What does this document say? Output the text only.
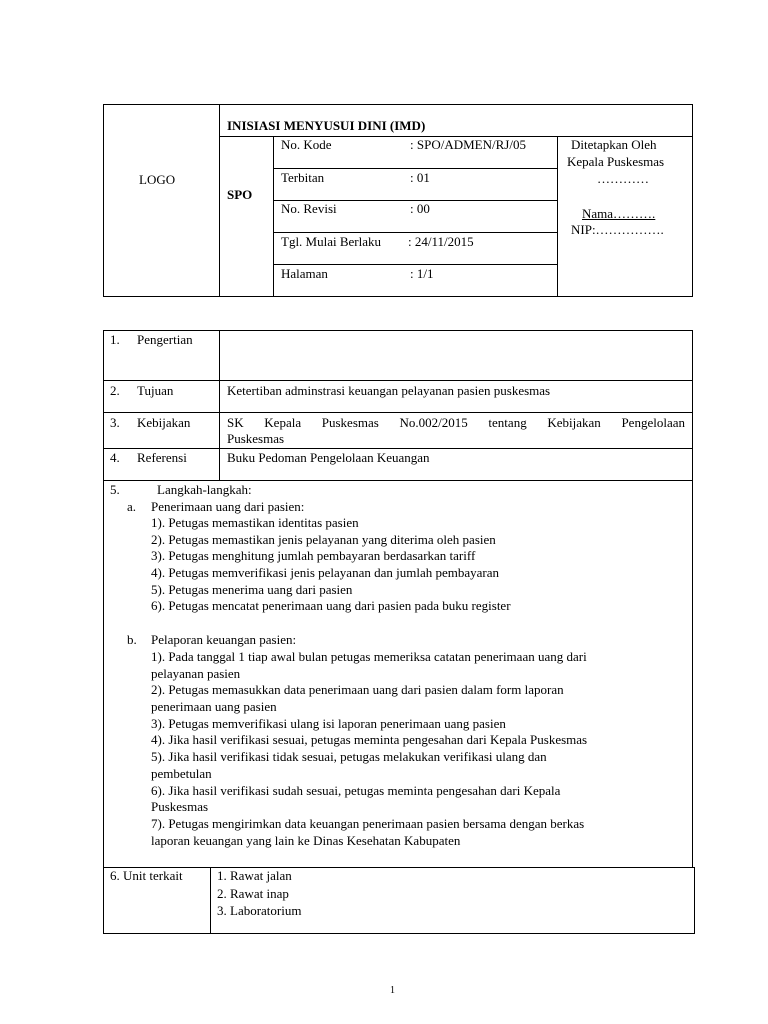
LOGO
INISIASI MENYUSUI DINI (IMD)
SPO
No. Kode	: SPO/ADMEN/RJ/05
Terbitan	: 01
No. Revisi	: 00
Tgl. Mulai Berlaku : 24/11/2015
Halaman	: 1/1
Ditetapkan Oleh
Kepala Puskesmas
…………
Nama……….
NIP:…………….
1. Pengertian
2. Tujuan	Ketertiban adminstrasi keuangan pelayanan pasien puskesmas
3. Kebijakan	SK Kepala Puskesmas No.002/2015 tentang Kebijakan Pengelolaan
Puskesmas
4. Referensi	Buku Pedoman Pengelolaan Keuangan
5.	Langkah-langkah:
a. Penerimaan uang dari pasien:
1). Petugas memastikan identitas pasien
2). Petugas memastikan jenis pelayanan yang diterima oleh pasien
3). Petugas menghitung jumlah pembayaran berdasarkan tariff
4). Petugas memverifikasi jenis pelayanan dan jumlah pembayaran
5). Petugas menerima uang dari pasien
6). Petugas mencatat penerimaan uang dari pasien pada buku register
b. Pelaporan keuangan pasien:
1). Pada tanggal 1 tiap awal bulan petugas memeriksa catatan penerimaan uang dari
pelayanan pasien
2). Petugas memasukkan data penerimaan uang dari pasien dalam form laporan
penerimaan uang pasien
3). Petugas memverifikasi ulang isi laporan penerimaan uang pasien
4). Jika hasil verifikasi sesuai, petugas meminta pengesahan dari Kepala Puskesmas
5). Jika hasil verifikasi tidak sesuai, petugas melakukan verifikasi ulang dan
pembetulan
6). Jika hasil verifikasi sudah sesuai, petugas meminta pengesahan dari Kepala
Puskesmas
7). Petugas mengirimkan data keuangan penerimaan pasien bersama dengan berkas
laporan keuangan yang lain ke Dinas Kesehatan Kabupaten
6. Unit terkait	1. Rawat jalan
2. Rawat inap
3. Laboratorium
1
